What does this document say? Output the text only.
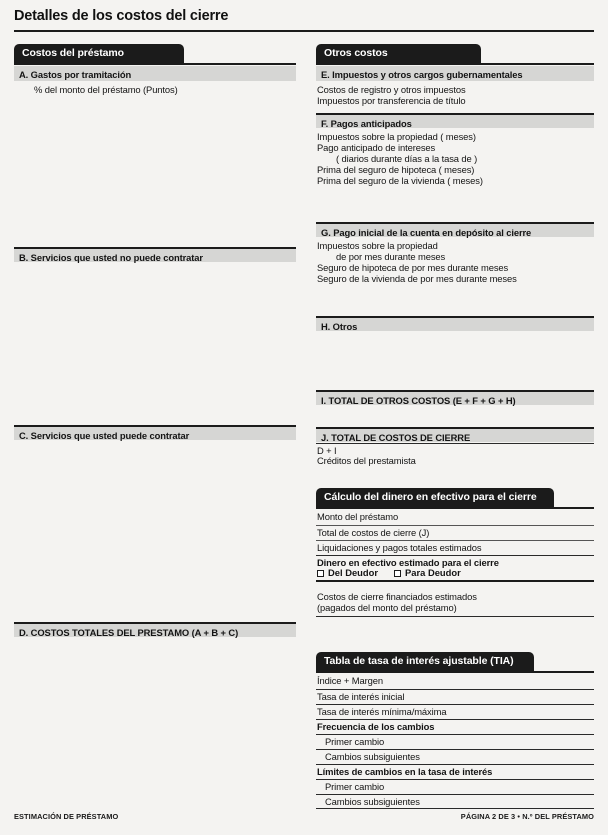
Detalles de los costos del cierre
Costos del préstamo
A. Gastos por tramitación
% del monto del préstamo (Puntos)
B. Servicios que usted no puede contratar
C. Servicios que usted puede contratar
D. COSTOS TOTALES DEL PRESTAMO (A + B + C)
Otros costos
E. Impuestos y otros cargos gubernamentales
Costos de registro y otros impuestos
Impuestos por transferencia de título
F. Pagos anticipados
Impuestos sobre la propiedad ( meses)
Pago anticipado de intereses
( diarios durante días a la tasa de )
Prima del seguro de hipoteca ( meses)
Prima del seguro de la vivienda ( meses)
G. Pago inicial de la cuenta en depósito al cierre
Impuestos sobre la propiedad
de por mes durante meses
Seguro de hipoteca de por mes durante meses
Seguro de la vivienda de por mes durante meses
H. Otros
I. TOTAL DE OTROS COSTOS (E + F + G + H)
J. TOTAL DE COSTOS DE CIERRE
D + I
Créditos del prestamista
Cálculo del dinero en efectivo para el cierre
Monto del préstamo
Total de costos de cierre (J)
Liquidaciones y pagos totales estimados
Dinero en efectivo estimado para el cierre
Del Deudor	Para Deudor
Costos de cierre financiados estimados
(pagados del monto del préstamo)
Tabla de tasa de interés ajustable (TIA)
Índice + Margen
Tasa de interés inicial
Tasa de interés mínima/máxima
Frecuencia de los cambios
Primer cambio
Cambios subsiguientes
Límites de cambios en la tasa de interés
Primer cambio
Cambios subsiguientes
ESTIMACIÓN DE PRÉSTAMO	PÁGINA 2 DE 3 • N.º DEL PRÉSTAMO
